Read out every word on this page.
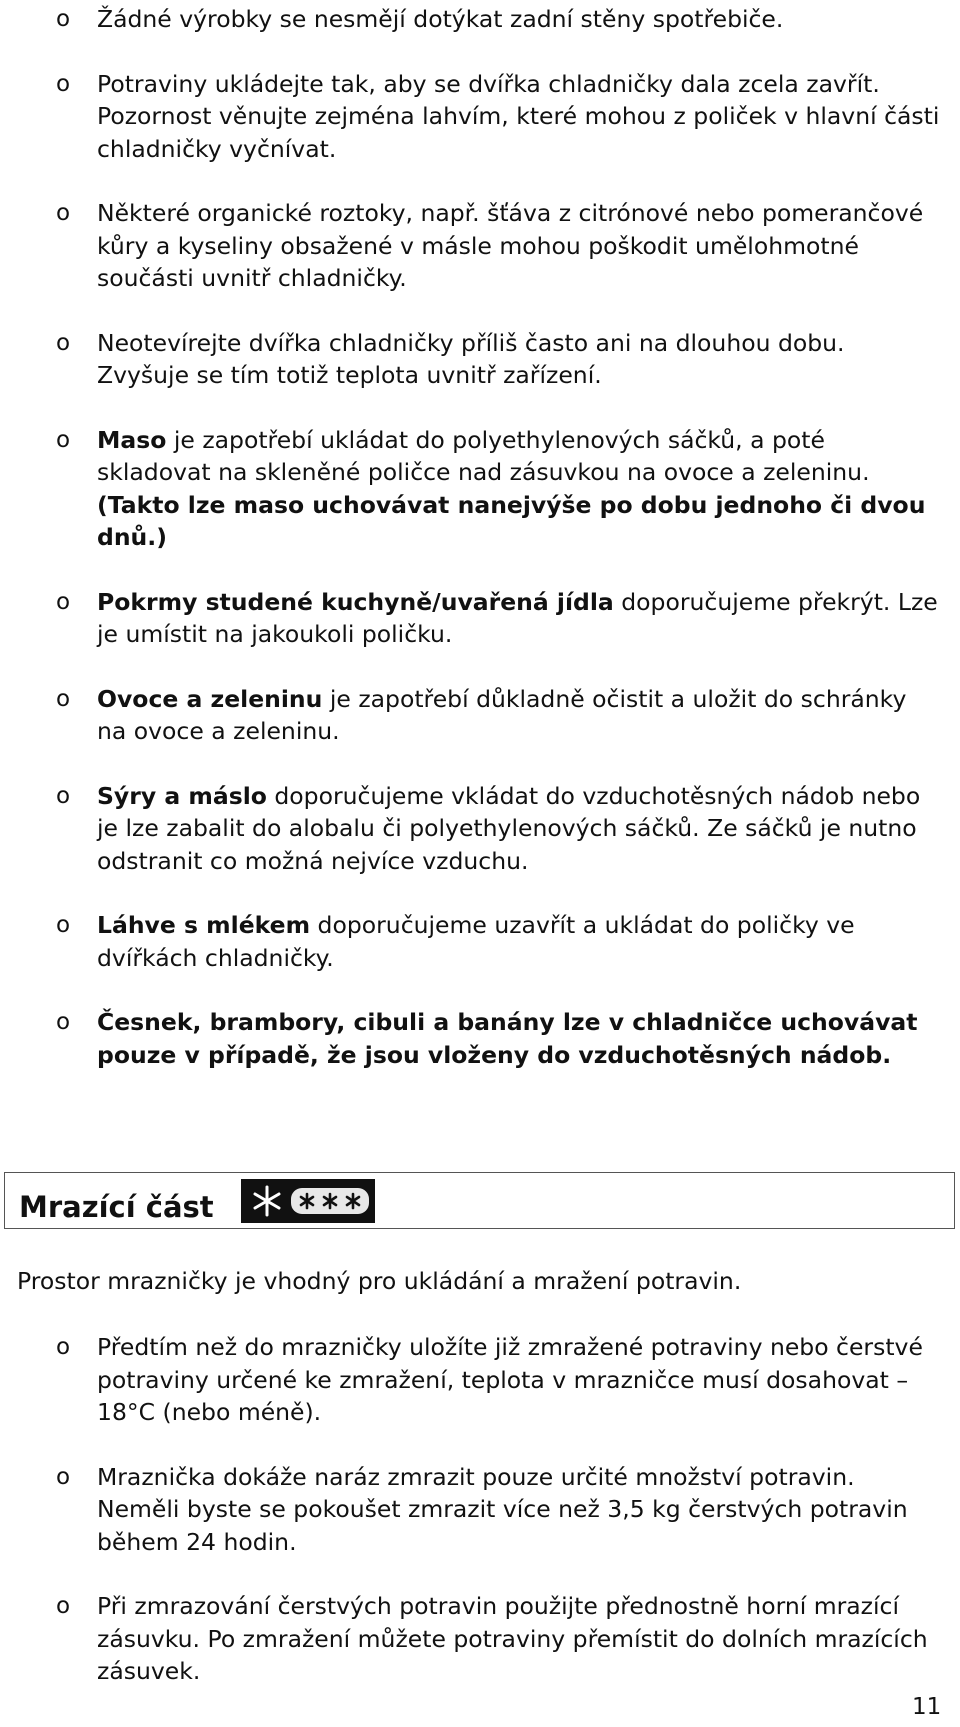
o Žádné výrobky se nesmějí dotýkat zadní stěny spotřebiče.
o Potraviny ukládejte tak, aby se dvířka chladničky dala zcela zavřít. Pozornost věnujte zejména lahvím, které mohou z poliček v hlavní části chladničky vyčnívat.
o Některé organické roztoky, např. šťáva z citrónové nebo pomerančové kůry a kyseliny obsažené v másle mohou poškodit umělohmotné součásti uvnitř chladničky.
o Neotevírejte dvířka chladničky příliš často ani na dlouhou dobu. Zvyšuje se tím totiž teplota uvnitř zařízení.
o Maso je zapotřebí ukládat do polyethylenových sáčků, a poté skladovat na skleněné poličce nad zásuvkou na ovoce a zeleninu.
(Takto lze maso uchovávat nanejvýše po dobu jednoho či dvou dnů.)
o Pokrmy studené kuchyně/uvařená jídla doporučujeme překrýt. Lze je umístit na jakoukoli poličku.
o Ovoce a zeleninu je zapotřebí důkladně očistit a uložit do schránky na ovoce a zeleninu.
o Sýry a máslo doporučujeme vkládat do vzduchotěsných nádob nebo je lze zabalit do alobalu či polyethylenových sáčků. Ze sáčků je nutno odstranit co možná nejvíce vzduchu.
o Láhve s mlékem doporučujeme uzavřít a ukládat do poličky ve dvířkách chladničky.
o Česnek, brambory, cibuli a banány lze v chladničce uchovávat pouze v případě, že jsou vloženy do vzduchotěsných nádob.
Mrazící část
Prostor mrazničky je vhodný pro ukládání a mražení potravin.
o Předtím než do mrazničky uložíte již zmražené potraviny nebo čerstvé potraviny určené ke zmražení, teplota v mrazničce musí dosahovat – 18°C (nebo méně).
o Mraznička dokáže naráz zmrazit pouze určité množství potravin. Neměli byste se pokoušet zmrazit více než 3,5 kg čerstvých potravin během 24 hodin.
o Při zmrazování čerstvých potravin použijte přednostně horní mrazící zásuvku. Po zmražení můžete potraviny přemístit do dolních mrazících zásuvek.
11
